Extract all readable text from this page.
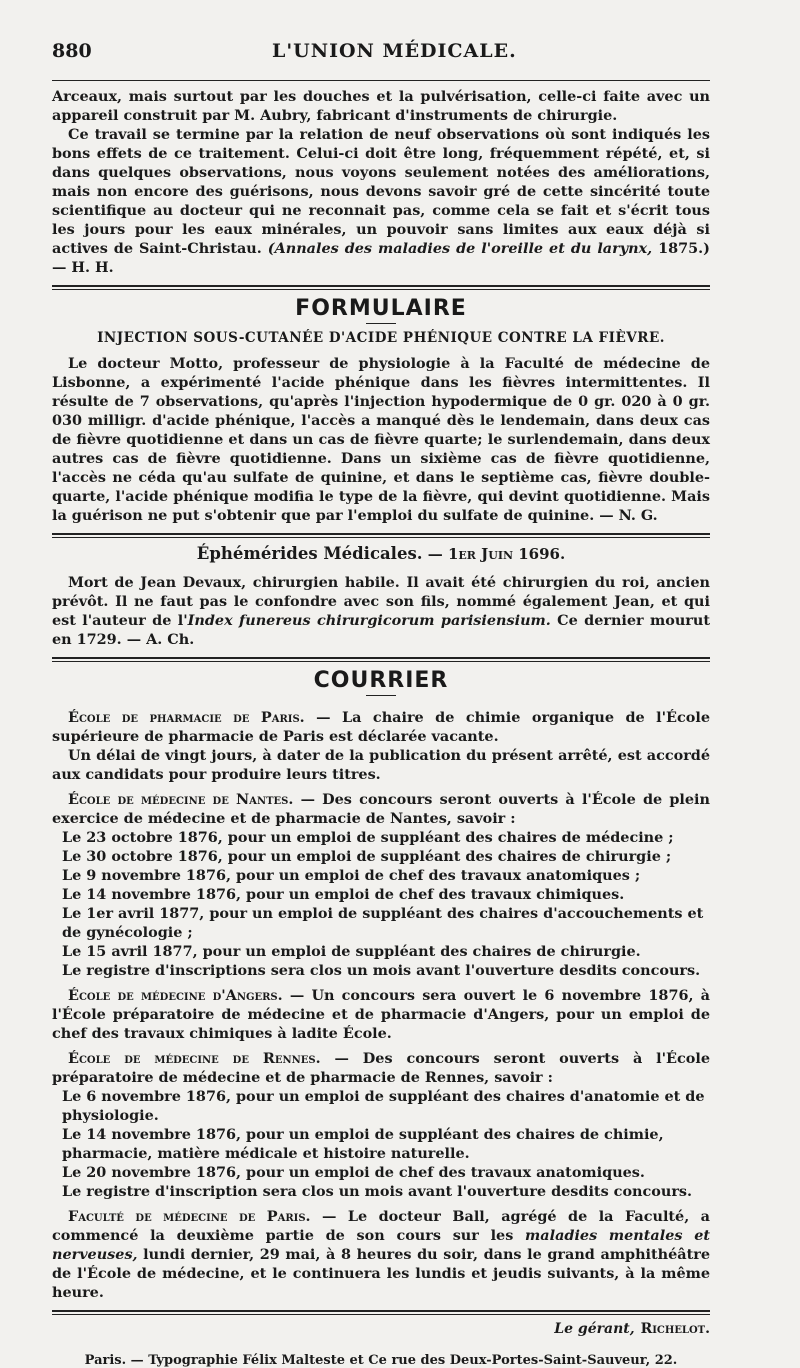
880	L'UNION MÉDICALE.

Arceaux, mais surtout par les douches et la pulvérisation, celle-ci faite avec un appareil construit par M. Aubry, fabricant d'instruments de chirurgie.

Ce travail se termine par la relation de neuf observations où sont indiqués les bons effets de ce traitement. Celui-ci doit être long, fréquemment répété, et, si dans quelques observations, nous voyons seulement notées des améliorations, mais non encore des guérisons, nous devons savoir gré de cette sincérité toute scientifique au docteur qui ne reconnait pas, comme cela se fait et s'écrit tous les jours pour les eaux minérales, un pouvoir sans limites aux eaux déjà si actives de Saint-Christau. (Annales des maladies de l'oreille et du larynx, 1875.) — H. H.

FORMULAIRE
INJECTION SOUS-CUTANÉE D'ACIDE PHÉNIQUE CONTRE LA FIÈVRE.

Le docteur Motto, professeur de physiologie à la Faculté de médecine de Lisbonne, a expérimenté l'acide phénique dans les fièvres intermittentes. Il résulte de 7 observations, qu'après l'injection hypodermique de 0 gr. 020 à 0 gr. 030 milligr. d'acide phénique, l'accès a manqué dès le lendemain, dans deux cas de fièvre quotidienne et dans un cas de fièvre quarte; le surlendemain, dans deux autres cas de fièvre quotidienne. Dans un sixième cas de fièvre quotidienne, l'accès ne céda qu'au sulfate de quinine, et dans le septième cas, fièvre double-quarte, l'acide phénique modifia le type de la fièvre, qui devint quotidienne. Mais la guérison ne put s'obtenir que par l'emploi du sulfate de quinine. — N. G.

Éphémérides Médicales. — 1er Juin 1696.

Mort de Jean Devaux, chirurgien habile. Il avait été chirurgien du roi, ancien prévôt. Il ne faut pas le confondre avec son fils, nommé également Jean, et qui est l'auteur de l'Index funereus chirurgicorum parisiensium. Ce dernier mourut en 1729. — A. Ch.

COURRIER

École de pharmacie de Paris. — La chaire de chimie organique de l'École supérieure de pharmacie de Paris est déclarée vacante.

Un délai de vingt jours, à dater de la publication du présent arrêté, est accordé aux candidats pour produire leurs titres.

École de médecine de Nantes. — Des concours seront ouverts à l'École de plein exercice de médecine et de pharmacie de Nantes, savoir :

Le 23 octobre 1876, pour un emploi de suppléant des chaires de médecine ;
Le 30 octobre 1876, pour un emploi de suppléant des chaires de chirurgie ;
Le 9 novembre 1876, pour un emploi de chef des travaux anatomiques ;
Le 14 novembre 1876, pour un emploi de chef des travaux chimiques.
Le 1er avril 1877, pour un emploi de suppléant des chaires d'accouchements et de gynécologie ;
Le 15 avril 1877, pour un emploi de suppléant des chaires de chirurgie.
Le registre d'inscriptions sera clos un mois avant l'ouverture desdits concours.

École de médecine d'Angers. — Un concours sera ouvert le 6 novembre 1876, à l'École préparatoire de médecine et de pharmacie d'Angers, pour un emploi de chef des travaux chimiques à ladite École.

École de médecine de Rennes. — Des concours seront ouverts à l'École préparatoire de médecine et de pharmacie de Rennes, savoir :

Le 6 novembre 1876, pour un emploi de suppléant des chaires d'anatomie et de physiologie.
Le 14 novembre 1876, pour un emploi de suppléant des chaires de chimie, pharmacie, matière médicale et histoire naturelle.
Le 20 novembre 1876, pour un emploi de chef des travaux anatomiques.
Le registre d'inscription sera clos un mois avant l'ouverture desdits concours.

Faculté de médecine de Paris. — Le docteur Ball, agrégé de la Faculté, a commencé la deuxième partie de son cours sur les maladies mentales et nerveuses, lundi dernier, 29 mai, à 8 heures du soir, dans le grand amphithéâtre de l'École de médecine, et le continuera les lundis et jeudis suivants, à la même heure.

Le gérant, Richelot.
Paris. — Typographie Félix Malteste et Ce rue des Deux-Portes-Saint-Sauveur, 22.
